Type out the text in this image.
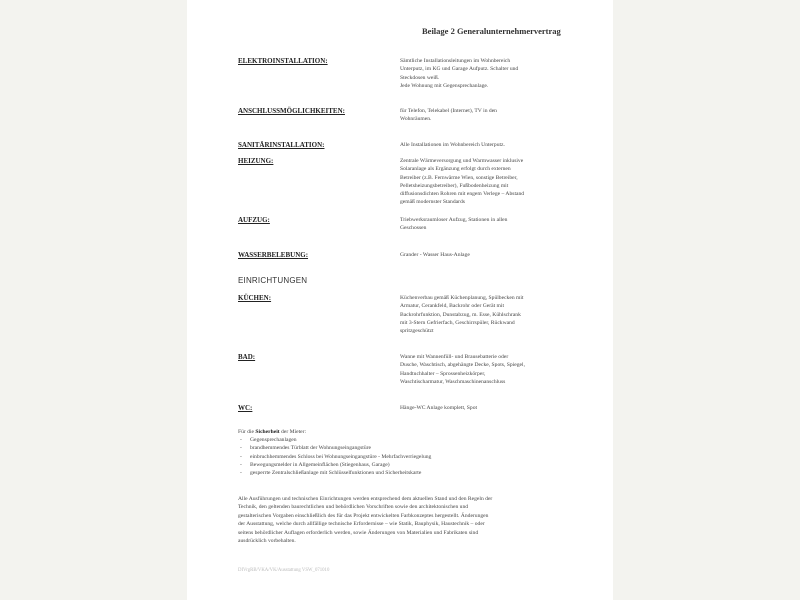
Beilage 2 Generalunternehmervertrag
ELEKTROINSTALLATION:	Sämtliche Installationsleitungen im Wohnbereich
Unterputz, im KG und Garage Aufputz. Schalter und
Steckdosen weiß.
Jede Wohnung mit Gegensprechanlage.
ANSCHLUSSMÖGLICHKEITEN:	für Telefon, Telekabel (Internet), TV in den
Wohnräumen.
SANITÄRINSTALLATION:	Alle Installationen im Wohnbereich Unterputz.
HEIZUNG:	Zentrale Wärmeversorgung und Warmwasser inklusive
Solaranlage als Ergänzung erfolgt durch externen
Betreiber (z.B. Fernwärme Wien, sonstige Betreiber,
Pelletsheizungsbetreiber), Fußbodenheizung mit
diffusionsdichten Rohren mit engem Verlege – Abstand
gemäß modernster Standards
AUFZUG:	Triebwerksraumloser Aufzug, Stationen in allen
Geschossen
WASSERBELEBUNG:	Grander - Wasser Haus-Anlage
EINRICHTUNGEN
KÜCHEN:	Küchenverbau gemäß Küchenplanung, Spülbecken mit
Armatur, Cerankfeld, Backrohr oder Gerät mit
Backrohrfunktion, Dunstabzug, m. Esse, Kühlschrank
mit 3-Stern Gefrierfach, Geschirrspüler, Rückwand
spritzgeschützt
BAD:	Wanne mit Wannenfüll- und Brausebatterie oder
Dusche, Waschtisch, abgehängte Decke, Spots, Spiegel,
Handtuchhalter – Sprossenheizkörper,
Waschtischarmatur, Waschmaschinenanschluss
WC:	Hänge-WC Anlage komplett, Spot
Für die Sicherheit der Mieter:
- Gegensprechanlagen
- brandhemmendes Türblatt der Wohnungseingangstüre
- einbruchhemmendes Schloss bei Wohnungseingangstüre - Mehrfachverriegelung
- Bewegungsmelder in Allgemeinflächen (Stiegenhaus, Garage)
- gesperrte Zentralschließanlage mit Schlüsselfunktionen und Sicherheitskarte
Alle Ausführungen und technischen Einrichtungen werden entsprechend dem aktuellen Stand und den Regeln der
Technik, den geltenden baurechtlichen und behördlichen Vorschriften sowie den architektonischen und
gestalterischen Vorgaben einschließlich des für das Projekt entwickelten Farbkonzeptes hergestellt. Änderungen
der Ausstattung, welche durch allfällige technische Erfordernisse – wie Statik, Bauphysik, Haustechnik – oder
seitens behördlicher Auflagen erforderlich werden, sowie Änderungen von Materialien und Fabrikaten sind
ausdrücklich vorbehalten.
DIVrgRB/VKA/VK/Ausstattung VSW_071010
